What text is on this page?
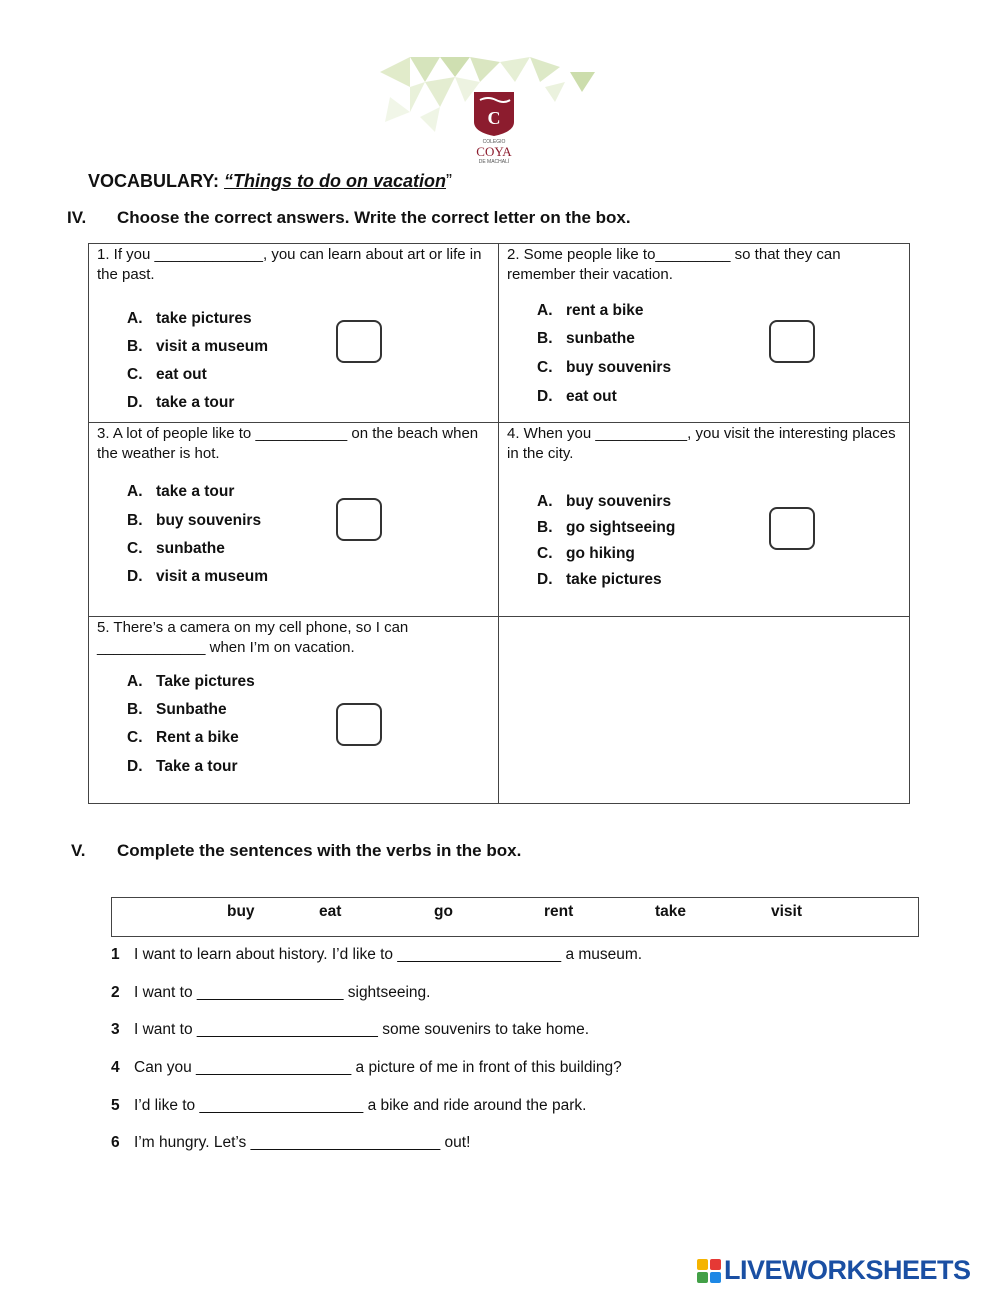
C
COLEGIO
COYA
DE MACHALÍ
VOCABULARY: “Things to do on vacation”
IV. Choose the correct answers. Write the correct letter on the box.
1. If you _____________, you can learn about art or life in the past.
A. take pictures
B. visit a museum
C. eat out
D. take a tour
2. Some people like to_________ so that they can remember their vacation.
A. rent a bike
B. sunbathe
C. buy souvenirs
D. eat out
3. A lot of people like to ___________ on the beach when the weather is hot.
A. take a tour
B. buy souvenirs
C. sunbathe
D. visit a museum
4. When you ___________, you visit the interesting places in the city.
A. buy souvenirs
B. go sightseeing
C. go hiking
D. take pictures
5. There’s a camera on my cell phone, so I can _____________ when I’m on vacation.
A. Take pictures
B. Sunbathe
C. Rent a bike
D. Take a tour
V. Complete the sentences with the verbs in the box.
buy	eat	go	rent	take	visit
1 I want to learn about history. I’d like to ___________________ a museum.
2 I want to _________________ sightseeing.
3 I want to _____________________ some souvenirs to take home.
4 Can you __________________ a picture of me in front of this building?
5 I’d like to ___________________ a bike and ride around the park.
6 I’m hungry. Let’s ______________________ out!
LIVEWORKSHEETS
